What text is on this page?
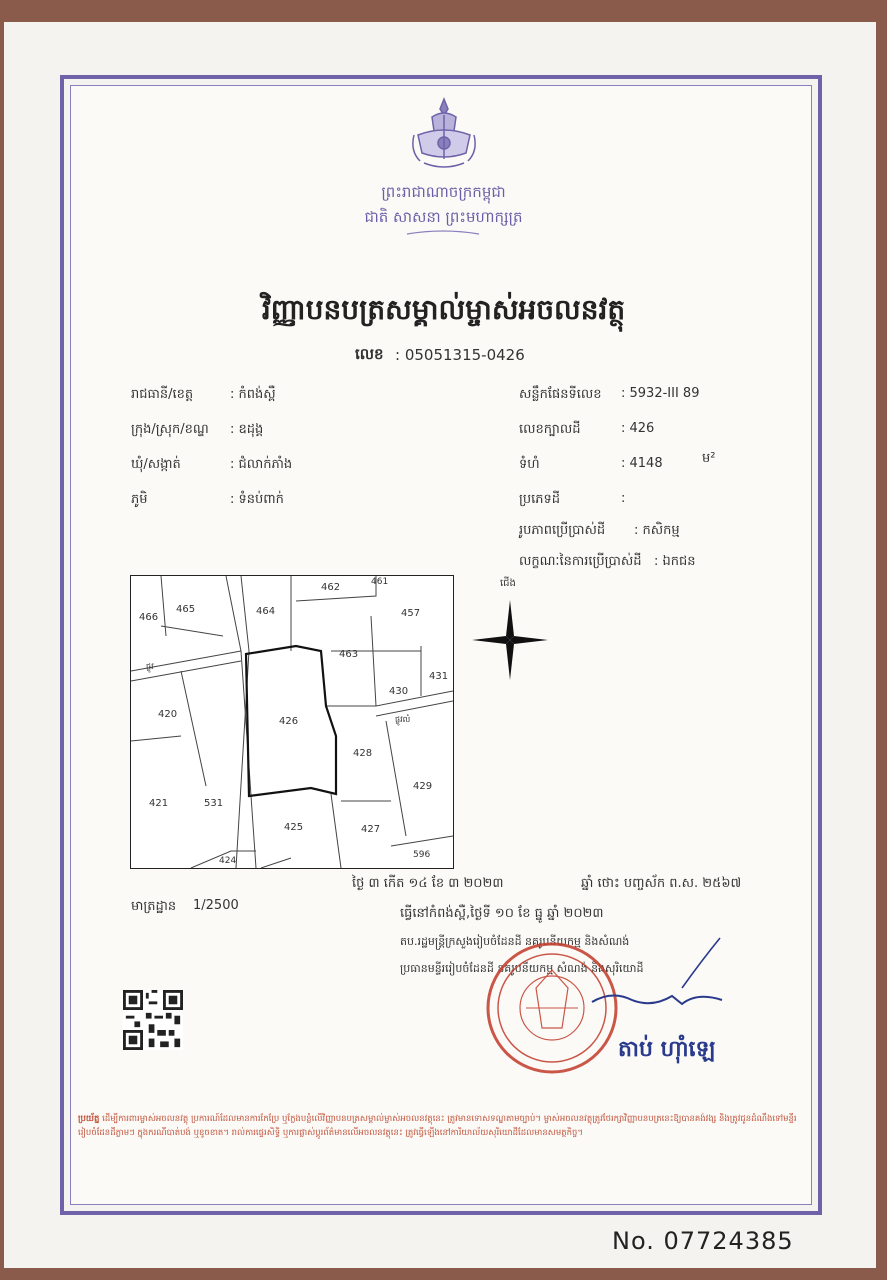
ព្រះរាជាណាចក្រកម្ពុជា
ជាតិ សាសនា ព្រះមហាក្សត្រ
វិញ្ញាបនបត្រសម្គាល់ម្ចាស់អចលនវត្ថុ
លេខ : 05051315-0426
រាជធានី/ខេត្ត	: កំពង់ស្ពឺ
ក្រុង/ស្រុក/ខណ្ឌ : ឧដុង្គ
ឃុំ/សង្កាត់	: ជំលាក់ភាំង
ភូមិ	: ទំនប់ពាក់
សន្លឹកផែនទីលេខ : 5932-III 89
លេខក្បាលដី	: 426
ទំហំ	: 4148	ម²
ប្រភេទដី	:
រូបភាពប្រើប្រាស់ដី : កសិកម្ម
លក្ខណៈនៃការប្រើប្រាស់ដី : ឯកជន
466
465	464
462	461
457
463
430
431
420
426
428
429
421	531
425	427
424
596
ផ្លូវ
ផ្លូវលំ
ជើង
មាត្រដ្ឋាន 1/2500
ថ្ងៃ ៣ កើត ១៤ ខែ ៣ ២០២៣	ឆ្នាំ ថោះ បញ្ចស័ក ព.ស. ២៥៦៧
ធ្វើនៅកំពង់ស្ពឺ,ថ្ងៃទី ១០ ខែ ធ្នូ ឆ្នាំ ២០២៣
តប.រដ្ឋមន្ត្រីក្រសួងរៀបចំដែនដី នគរូបនីយកម្ម និងសំណង់
ប្រធានមន្ទីររៀបចំដែនដី នគរូបនីយកម្ម សំណង់ និងសុរិយោដី
តាប់ ហ៊ាំឡេ
ប្រយ័ត្ន ដើម្បីការពារម្ចាស់អចលនវត្ថុ ប្រការណ៍ដែលមានការកែប្រែ ឬក្លែងបន្លំលើវិញ្ញាបនបត្រសម្គាល់ម្ចាស់អចលនវត្ថុនេះ ត្រូវមានទោសទណ្ឌតាមច្បាប់។ ម្ចាស់អចលនវត្ថុត្រូវថែរក្សាវិញ្ញាបនបត្រនេះឱ្យបានគង់វង្ស និងត្រូវជូនដំណឹងទៅមន្ទីររៀបចំដែនដីភ្លាមៗ ក្នុងករណីបាត់បង់ ឬខូចខាត។ រាល់ការផ្ទេរសិទ្ធិ ឬការផ្លាស់ប្តូរព័ត៌មានលើអចលនវត្ថុនេះ ត្រូវធ្វើឡើងនៅការិយាល័យសុរិយោដីដែលមានសមត្ថកិច្ច។
No. 07724385
